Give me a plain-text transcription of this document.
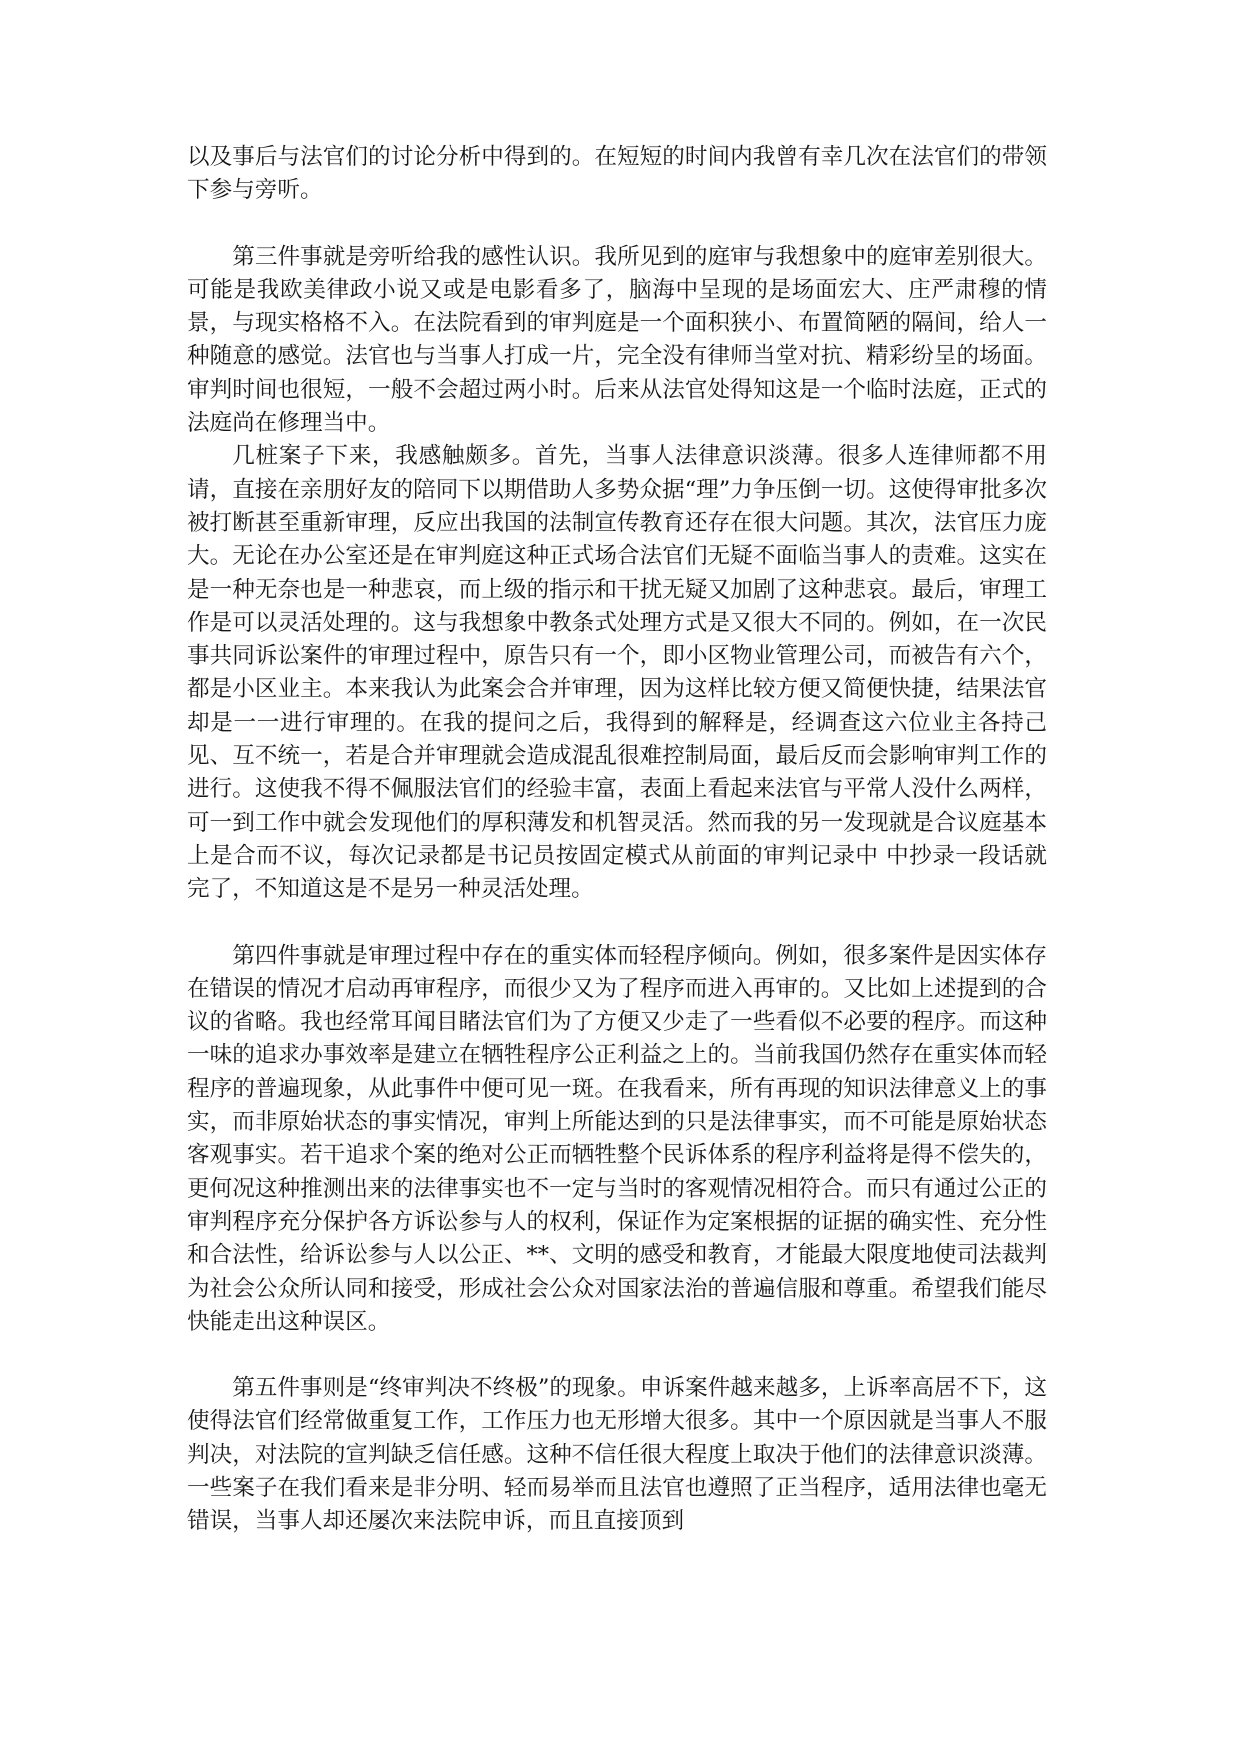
以及事后与法官们的讨论分析中得到的。在短短的时间内我曾有幸几次在法官们的带领下参与旁听。

第三件事就是旁听给我的感性认识。我所见到的庭审与我想象中的庭审差别很大。可能是我欧美律政小说又或是电影看多了，脑海中呈现的是场面宏大、庄严肃穆的情景，与现实格格不入。在法院看到的审判庭是一个面积狭小、布置简陋的隔间，给人一种随意的感觉。法官也与当事人打成一片，完全没有律师当堂对抗、精彩纷呈的场面。审判时间也很短，一般不会超过两小时。后来从法官处得知这是一个临时法庭，正式的法庭尚在修理当中。

几桩案子下来，我感触颇多。首先，当事人法律意识淡薄。很多人连律师都不用请，直接在亲朋好友的陪同下以期借助人多势众据“理”力争压倒一切。这使得审批多次被打断甚至重新审理，反应出我国的法制宣传教育还存在很大问题。其次，法官压力庞大。无论在办公室还是在审判庭这种正式场合法官们无疑不面临当事人的责难。这实在是一种无奈也是一种悲哀，而上级的指示和干扰无疑又加剧了这种悲哀。最后，审理工作是可以灵活处理的。这与我想象中教条式处理方式是又很大不同的。例如，在一次民事共同诉讼案件的审理过程中，原告只有一个，即小区物业管理公司，而被告有六个，都是小区业主。本来我认为此案会合并审理，因为这样比较方便又简便快捷，结果法官却是一一进行审理的。在我的提问之后，我得到的解释是，经调查这六位业主各持己见、互不统一，若是合并审理就会造成混乱很难控制局面，最后反而会影响审判工作的进行。这使我不得不佩服法官们的经验丰富，表面上看起来法官与平常人没什么两样，可一到工作中就会发现他们的厚积薄发和机智灵活。然而我的另一发现就是合议庭基本上是合而不议，每次记录都是书记员按固定模式从前面的审判记录中 中抄录一段话就完了，不知道这是不是另一种灵活处理。

第四件事就是审理过程中存在的重实体而轻程序倾向。例如，很多案件是因实体存在错误的情况才启动再审程序，而很少又为了程序而进入再审的。又比如上述提到的合议的省略。我也经常耳闻目睹法官们为了方便又少走了一些看似不必要的程序。而这种一味的追求办事效率是建立在牺牲程序公正利益之上的。当前我国仍然存在重实体而轻程序的普遍现象，从此事件中便可见一斑。在我看来，所有再现的知识法律意义上的事实，而非原始状态的事实情况，审判上所能达到的只是法律事实，而不可能是原始状态客观事实。若干追求个案的绝对公正而牺牲整个民诉体系的程序利益将是得不偿失的，更何况这种推测出来的法律事实也不一定与当时的客观情况相符合。而只有通过公正的审判程序充分保护各方诉讼参与人的权利，保证作为定案根据的证据的确实性、充分性和合法性，给诉讼参与人以公正、**、文明的感受和教育，才能最大限度地使司法裁判为社会公众所认同和接受，形成社会公众对国家法治的普遍信服和尊重。希望我们能尽快能走出这种误区。

第五件事则是“终审判决不终极”的现象。申诉案件越来越多，上诉率高居不下，这使得法官们经常做重复工作，工作压力也无形增大很多。其中一个原因就是当事人不服判决，对法院的宣判缺乏信任感。这种不信任很大程度上取决于他们的法律意识淡薄。一些案子在我们看来是非分明、轻而易举而且法官也遵照了正当程序，适用法律也毫无错误，当事人却还屡次来法院申诉，而且直接顶到
